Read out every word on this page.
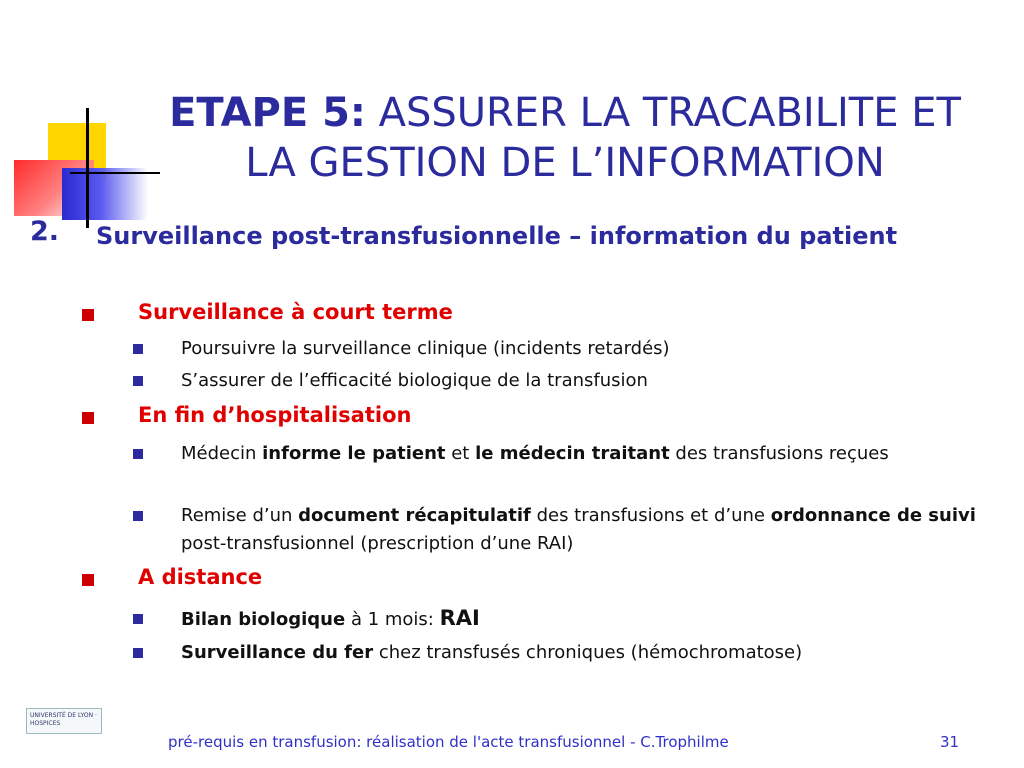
ETAPE 5: ASSURER LA TRACABILITE ET
LA GESTION DE L’INFORMATION
2. Surveillance post-transfusionnelle – information du patient
Surveillance à court terme
Poursuivre la surveillance clinique (incidents retardés)
S’assurer de l’efficacité biologique de la transfusion
En fin d’hospitalisation
Médecin informe le patient et le médecin traitant des transfusions reçues
Remise d’un document récapitulatif des transfusions et d’une ordonnance de suivi post-transfusionnel (prescription d’une RAI)
A distance
Bilan biologique à 1 mois: RAI
Surveillance du fer chez transfusés chroniques (hémochromatose)
UNIVERSITÉ DE LYON · HOSPICES
pré-requis en transfusion: réalisation de l'acte transfusionnel - C.Trophilme	31
